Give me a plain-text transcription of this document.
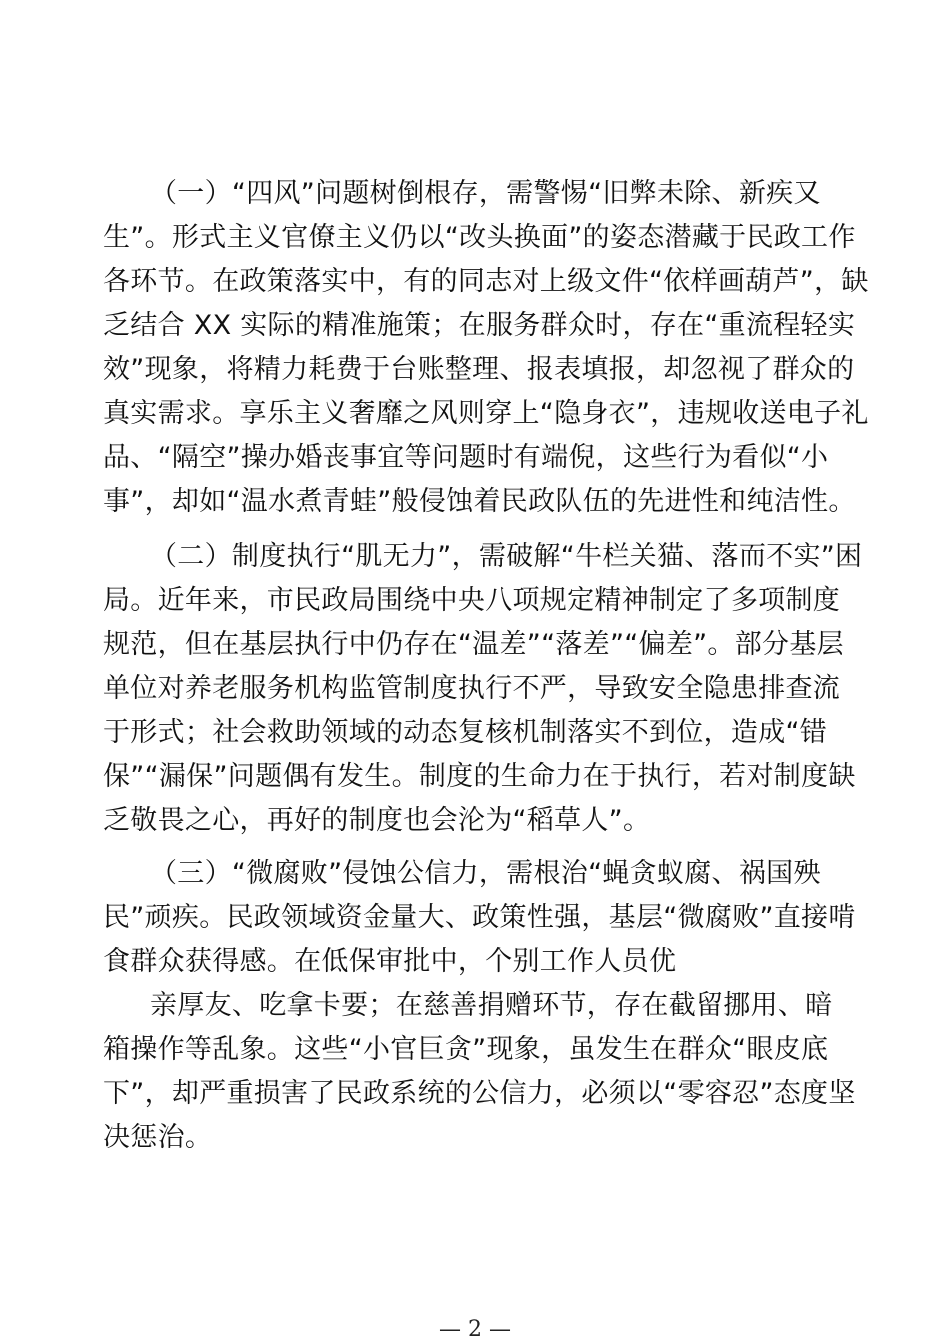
（一）“四风”问题树倒根存，需警惕“旧弊未除、新疾又
生”。形式主义官僚主义仍以“改头换面”的姿态潜藏于民政工作
各环节。在政策落实中，有的同志对上级文件“依样画葫芦”，缺
乏结合 XX 实际的精准施策；在服务群众时，存在“重流程轻实
效”现象，将精力耗费于台账整理、报表填报，却忽视了群众的
真实需求。享乐主义奢靡之风则穿上“隐身衣”，违规收送电子礼
品、“隔空”操办婚丧事宜等问题时有端倪，这些行为看似“小
事”，却如“温水煮青蛙”般侵蚀着民政队伍的先进性和纯洁性。
（二）制度执行“肌无力”，需破解“牛栏关猫、落而不实”困
局。近年来，市民政局围绕中央八项规定精神制定了多项制度
规范，但在基层执行中仍存在“温差”“落差”“偏差”。部分基层
单位对养老服务机构监管制度执行不严，导致安全隐患排查流
于形式；社会救助领域的动态复核机制落实不到位，造成“错
保”“漏保”问题偶有发生。制度的生命力在于执行，若对制度缺
乏敬畏之心，再好的制度也会沦为“稻草人”。
（三）“微腐败”侵蚀公信力，需根治“蝇贪蚁腐、祸国殃
民”顽疾。民政领域资金量大、政策性强，基层“微腐败”直接啃
食群众获得感。在低保审批中，个别工作人员优
亲厚友、吃拿卡要；在慈善捐赠环节，存在截留挪用、暗
箱操作等乱象。这些“小官巨贪”现象，虽发生在群众“眼皮底
下”，却严重损害了民政系统的公信力，必须以“零容忍”态度坚
决惩治。
— 2 —
